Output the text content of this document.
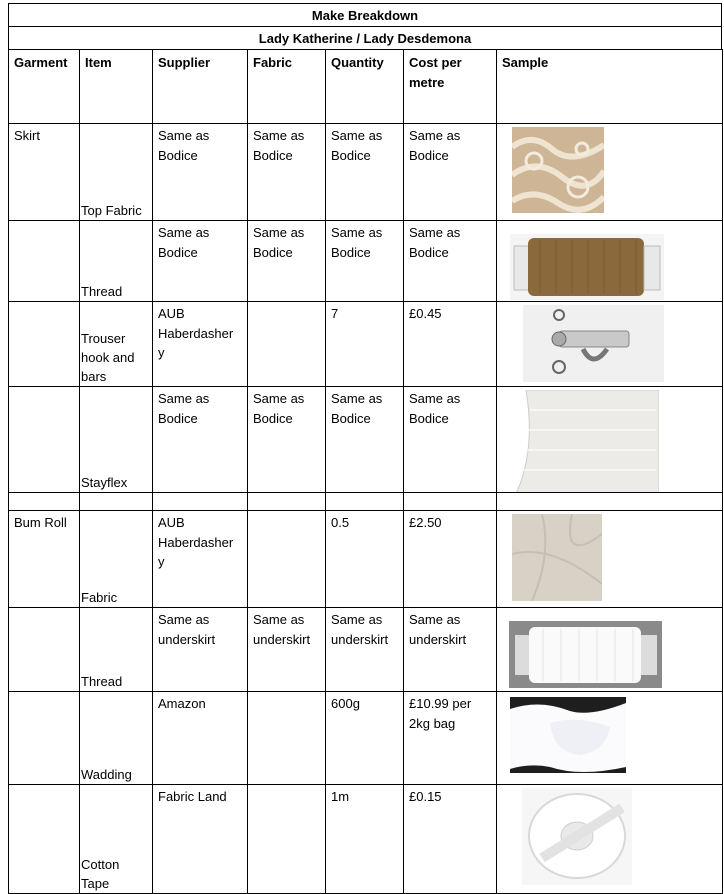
Make Breakdown
Lady Katherine / Lady Desdemona
Garment	Item	Supplier	Fabric	Quantity	Cost per metre	Sample

Skirt	Top Fabric	Same as Bodice	Same as Bodice	Same as Bodice	Same as Bodice

	Thread	Same as Bodice	Same as Bodice	Same as Bodice	Same as Bodice

	Trouser hook and bars	AUB Haberdasher y		7	£0.45

	Stayflex	Same as Bodice	Same as Bodice	Same as Bodice	Same as Bodice

Bum Roll	Fabric	AUB Haberdasher y		0.5	£2.50

	Thread	Same as underskirt	Same as underskirt	Same as underskirt	Same as underskirt

	Wadding	Amazon		600g	£10.99 per 2kg bag

	Cotton Tape	Fabric Land		1m	£0.15
